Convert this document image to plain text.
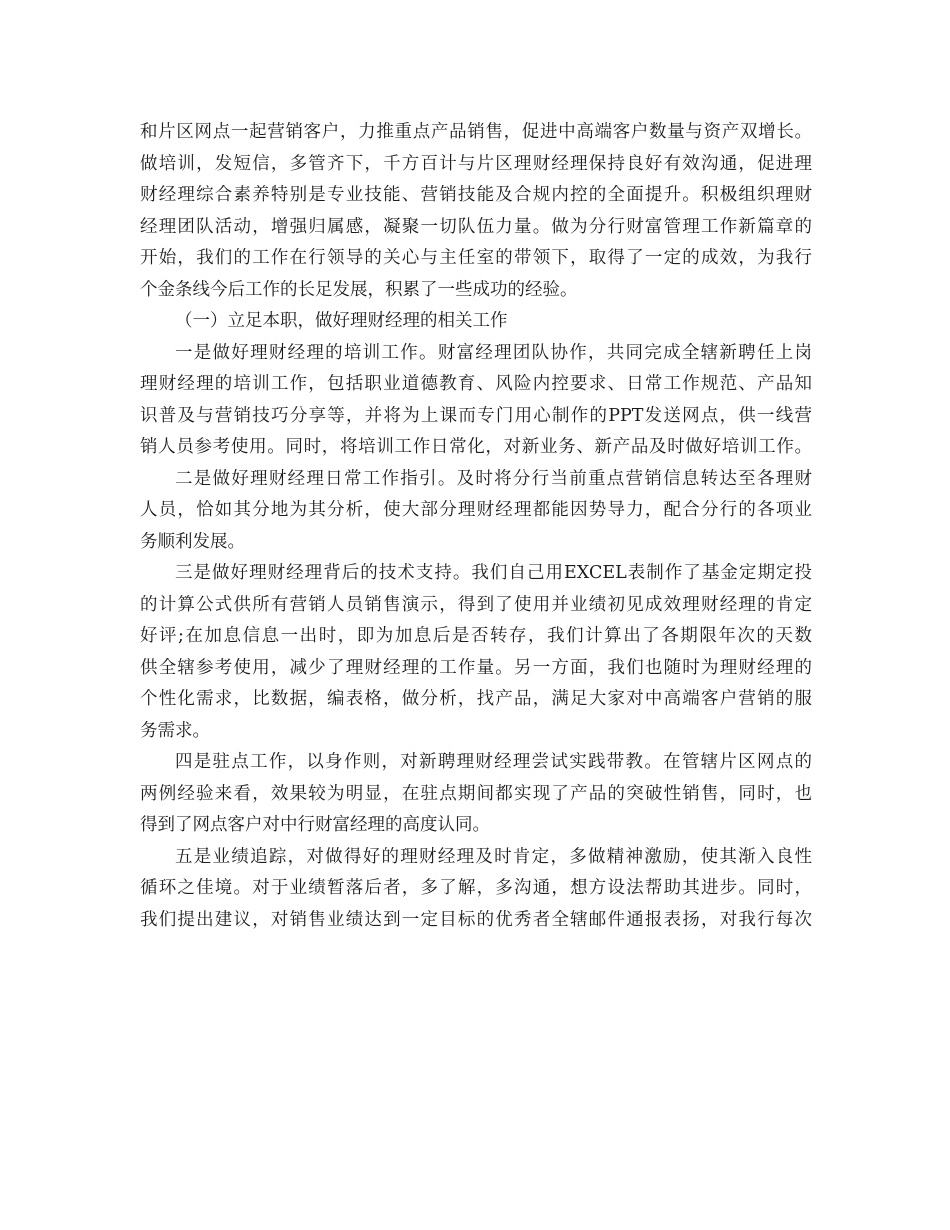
和片区网点一起营销客户，力推重点产品销售，促进中高端客户数量与资产双增长。
做培训，发短信，多管齐下，千方百计与片区理财经理保持良好有效沟通，促进理
财经理综合素养特别是专业技能、营销技能及合规内控的全面提升。积极组织理财
经理团队活动，增强归属感，凝聚一切队伍力量。做为分行财富管理工作新篇章的
开始，我们的工作在行领导的关心与主任室的带领下，取得了一定的成效，为我行
个金条线今后工作的长足发展，积累了一些成功的经验。
（一）立足本职，做好理财经理的相关工作
一是做好理财经理的培训工作。财富经理团队协作，共同完成全辖新聘任上岗
理财经理的培训工作，包括职业道德教育、风险内控要求、日常工作规范、产品知
识普及与营销技巧分享等，并将为上课而专门用心制作的PPT发送网点，供一线营
销人员参考使用。同时，将培训工作日常化，对新业务、新产品及时做好培训工作。
二是做好理财经理日常工作指引。及时将分行当前重点营销信息转达至各理财
人员，恰如其分地为其分析，使大部分理财经理都能因势导力，配合分行的各项业
务顺利发展。
三是做好理财经理背后的技术支持。我们自己用EXCEL表制作了基金定期定投
的计算公式供所有营销人员销售演示，得到了使用并业绩初见成效理财经理的肯定
好评;在加息信息一出时，即为加息后是否转存，我们计算出了各期限年次的天数
供全辖参考使用，减少了理财经理的工作量。另一方面，我们也随时为理财经理的
个性化需求，比数据，编表格，做分析，找产品，满足大家对中高端客户营销的服
务需求。
四是驻点工作，以身作则，对新聘理财经理尝试实践带教。在管辖片区网点的
两例经验来看，效果较为明显，在驻点期间都实现了产品的突破性销售，同时，也
得到了网点客户对中行财富经理的高度认同。
五是业绩追踪，对做得好的理财经理及时肯定，多做精神激励，使其渐入良性
循环之佳境。对于业绩暂落后者，多了解，多沟通，想方设法帮助其进步。同时，
我们提出建议，对销售业绩达到一定目标的优秀者全辖邮件通报表扬，对我行每次
